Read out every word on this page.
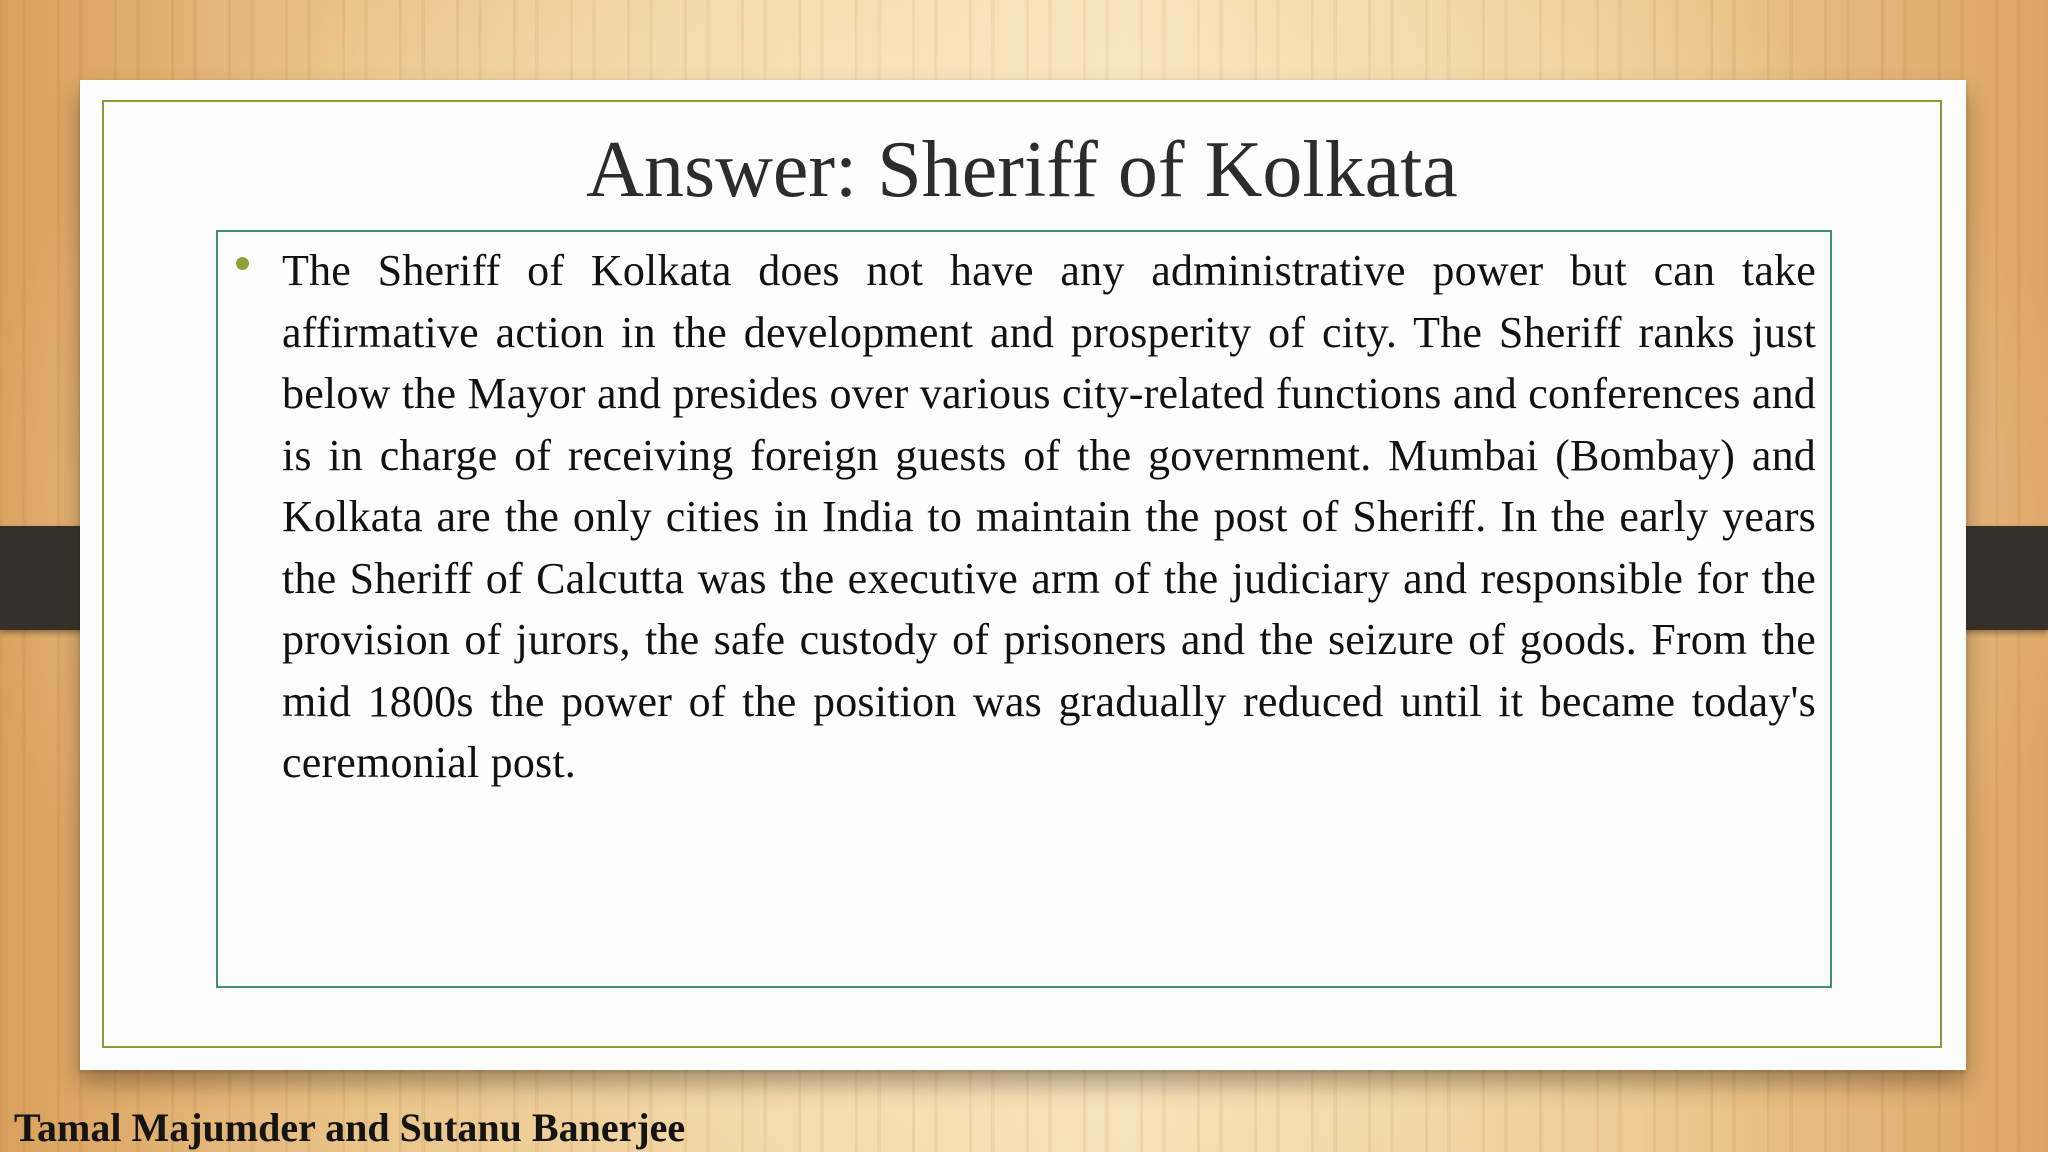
Answer: Sheriff of Kolkata
The Sheriff of Kolkata does not have any administrative power but can take affirmative action in the development and prosperity of city. The Sheriff ranks just below the Mayor and presides over various city-related functions and conferences and is in charge of receiving foreign guests of the government. Mumbai (Bombay) and Kolkata are the only cities in India to maintain the post of Sheriff. In the early years the Sheriff of Calcutta was the executive arm of the judiciary and responsible for the provision of jurors, the safe custody of prisoners and the seizure of goods. From the mid 1800s the power of the position was gradually reduced until it became today's ceremonial post.
Tamal Majumder and Sutanu Banerjee
